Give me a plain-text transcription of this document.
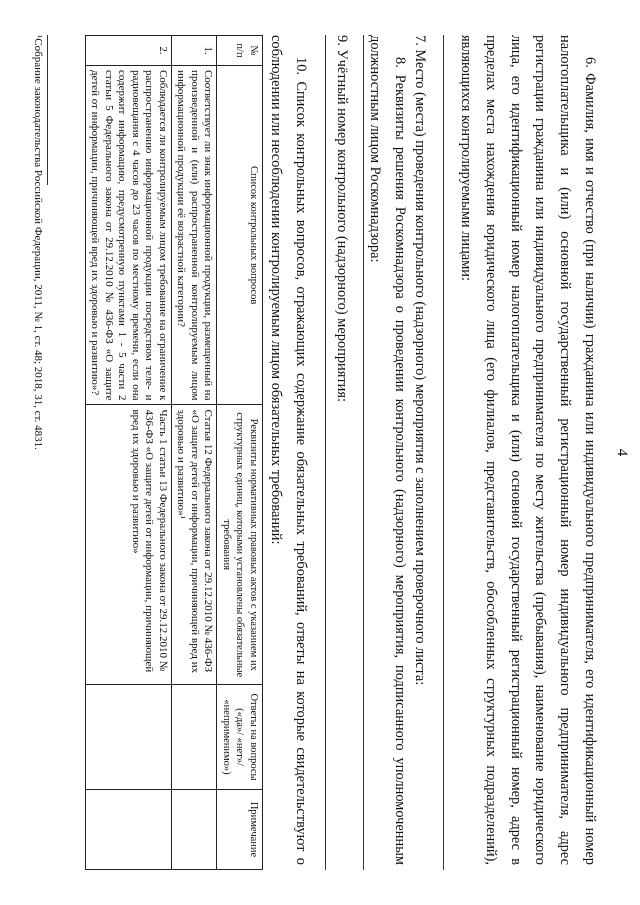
4
6. Фамилия, имя и отчество (при наличии) гражданина или индивидуального предпринимателя, его идентификационный номер налогоплательщика и (или) основной государственный регистрационный номер индивидуального предпринимателя, адрес регистрации гражданина или индивидуального предпринимателя по месту жительства (пребывания), наименование юридического лица, его идентификационный номер налогоплательщика и (или) основной государственный регистрационный номер, адрес в пределах места нахождения юридического лица (его филиалов, представительств, обособленных структурных подразделений), являющихся контролируемыми лицами:
7. Место (места) проведения контрольного (надзорного) мероприятия с заполнением проверочного листа:
8. Реквизиты решения Роскомнадзора о проведении контрольного (надзорного) мероприятия, подписанного уполномоченным должностным лицом Роскомнадзора:
9. Учётный номер контрольного (надзорного) мероприятия:
10. Список контрольных вопросов, отражающих содержание обязательных требований, ответы на которые свидетельствуют о соблюдении или несоблюдении контролируемым лицом обязательных требований:
№ п/п	Список контрольных вопросов	Реквизиты нормативных правовых актов с указанием их структурных единиц, которыми установлены обязательные требования	Ответы на вопросы («да»/ «нет»/ «неприменимо»)	Примечание
1.	Соответствует ли знак информационной продукции, размещенный на произведенной и (или) распространенной контролируемым лицом информационной продукции её возрастной категории?	Статья 12 Федерального закона от 29.12.2010 № 436-ФЗ «О защите детей от информации, причиняющей вред их здоровью и развитию»¹		
2.	Соблюдается ли контролируемым лицом требование на ограничение к распространению информационной продукции посредством теле- и радиовещания с 4 часов до 23 часов по местному времени, если она содержит информацию, предусмотренную пунктами 1 - 5 части 2 статьи 5 Федерального закона от 29.12.2010 № 436-ФЗ «О защите детей от информации, причиняющей вред их здоровью и развитию»?	Часть 1 статьи 13 Федерального закона от 29.12.2010 № 436-ФЗ «О защите детей от информации, причиняющей вред их здоровью и развитию»		
¹Собрание законодательства Российской Федерации, 2011, № 1, ст. 48; 2018, 31, ст. 4831.
